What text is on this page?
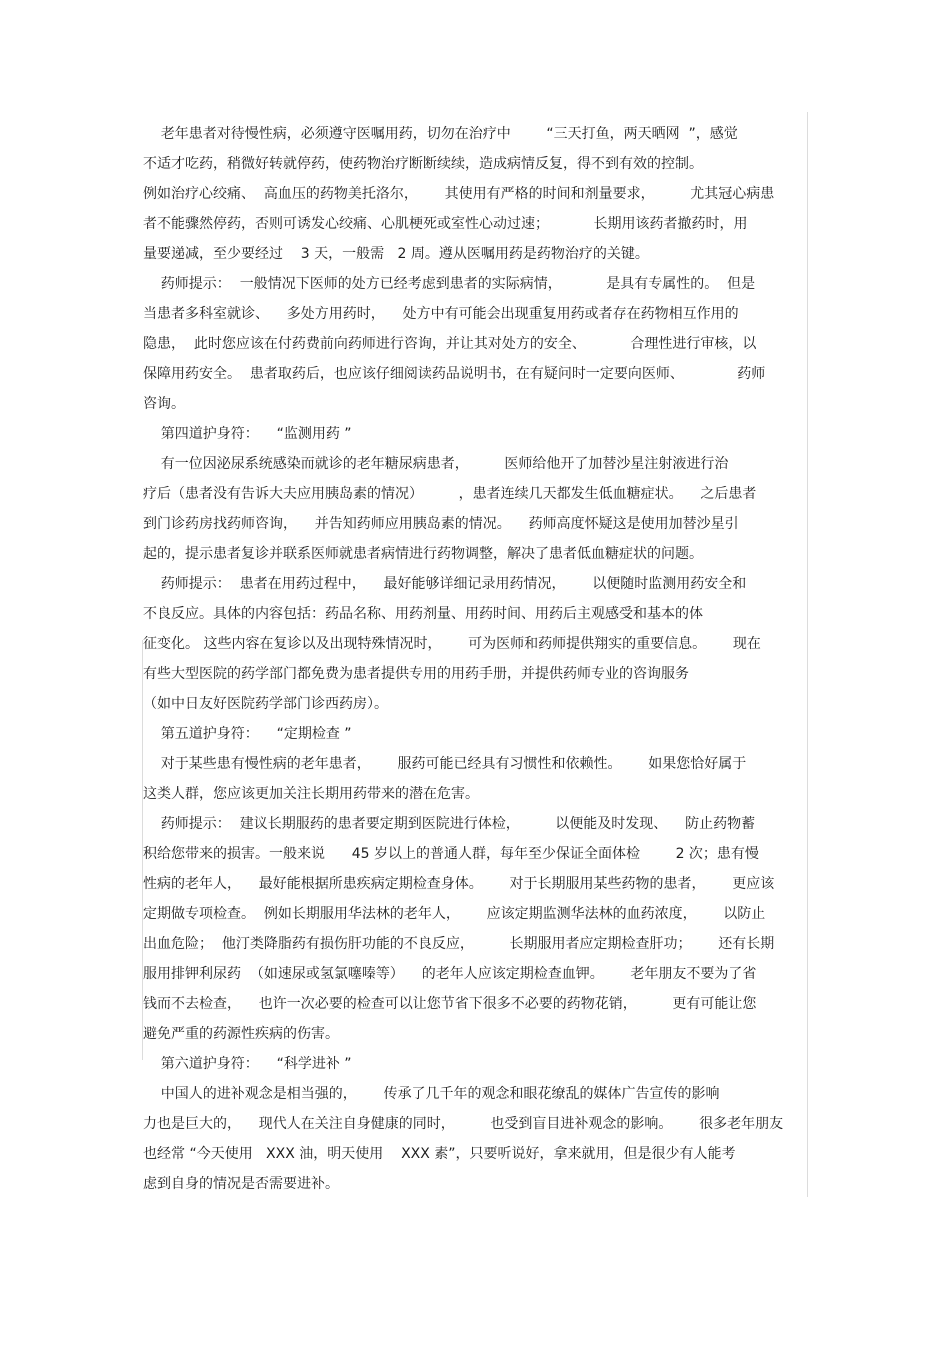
老年患者对待慢性病，必须遵守医嘱用药，切勿在治疗中        “三天打鱼，两天晒网  ”，感觉
不适才吃药，稍微好转就停药，使药物治疗断断续续，造成病情反复，得不到有效的控制。
例如治疗心绞痛、  高血压的药物美托洛尔，      其使用有严格的时间和剂量要求，        尤其冠心病患
者不能骤然停药，否则可诱发心绞痛、心肌梗死或室性心动过速；          长期用该药者撤药时，用
量要递减，至少要经过    3 天，一般需   2 周。遵从医嘱用药是药物治疗的关键。
药师提示：  一般情况下医师的处方已经考虑到患者的实际病情，          是具有专属性的。  但是
当患者多科室就诊、    多处方用药时，    处方中有可能会出现重复用药或者存在药物相互作用的
隐患，  此时您应该在付药费前向药师进行咨询，并让其对处方的安全、          合理性进行审核，以
保障用药安全。  患者取药后，也应该仔细阅读药品说明书，在有疑问时一定要向医师、            药师
咨询。
第四道护身符：    “监测用药 ”
有一位因泌尿系统感染而就诊的老年糖尿病患者，        医师给他开了加替沙星注射液进行治
疗后（患者没有告诉大夫应用胰岛素的情况）        ，患者连续几天都发生低血糖症状。    之后患者
到门诊药房找药师咨询，    并告知药师应用胰岛素的情况。    药师高度怀疑这是使用加替沙星引
起的，提示患者复诊并联系医师就患者病情进行药物调整，解决了患者低血糖症状的问题。
药师提示：  患者在用药过程中，    最好能够详细记录用药情况，      以便随时监测用药安全和
不良反应。具体的内容包括：药品名称、用药剂量、用药时间、用药后主观感受和基本的体
征变化。 这些内容在复诊以及出现特殊情况时，      可为医师和药师提供翔实的重要信息。      现在
有些大型医院的药学部门都免费为患者提供专用的用药手册，并提供药师专业的咨询服务
（如中日友好医院药学部门诊西药房）。
第五道护身符：    “定期检查 ”
对于某些患有慢性病的老年患者，      服药可能已经具有习惯性和依赖性。      如果您恰好属于
这类人群，您应该更加关注长期用药带来的潜在危害。
药师提示：  建议长期服药的患者要定期到医院进行体检，        以便能及时发现、    防止药物蓄
积给您带来的损害。一般来说      45 岁以上的普通人群，每年至少保证全面体检        2 次；患有慢
性病的老年人，    最好能根据所患疾病定期检查身体。      对于长期服用某些药物的患者，      更应该
定期做专项检查。  例如长期服用华法林的老年人，      应该定期监测华法林的血药浓度，      以防止
出血危险；  他汀类降脂药有损伤肝功能的不良反应，        长期服用者应定期检查肝功；      还有长期
服用排钾利尿药  （如速尿或氢氯噻嗪等）    的老年人应该定期检查血钾。      老年朋友不要为了省
钱而不去检查，    也许一次必要的检查可以让您节省下很多不必要的药物花销，        更有可能让您
避免严重的药源性疾病的伤害。
第六道护身符：    “科学进补 ”
中国人的进补观念是相当强的，      传承了几千年的观念和眼花缭乱的媒体广告宣传的影响
力也是巨大的，    现代人在关注自身健康的同时，        也受到盲目进补观念的影响。      很多老年朋友
也经常 “今天使用   XXX 油，明天使用    XXX 素”，只要听说好，拿来就用，但是很少有人能考
虑到自身的情况是否需要进补。
